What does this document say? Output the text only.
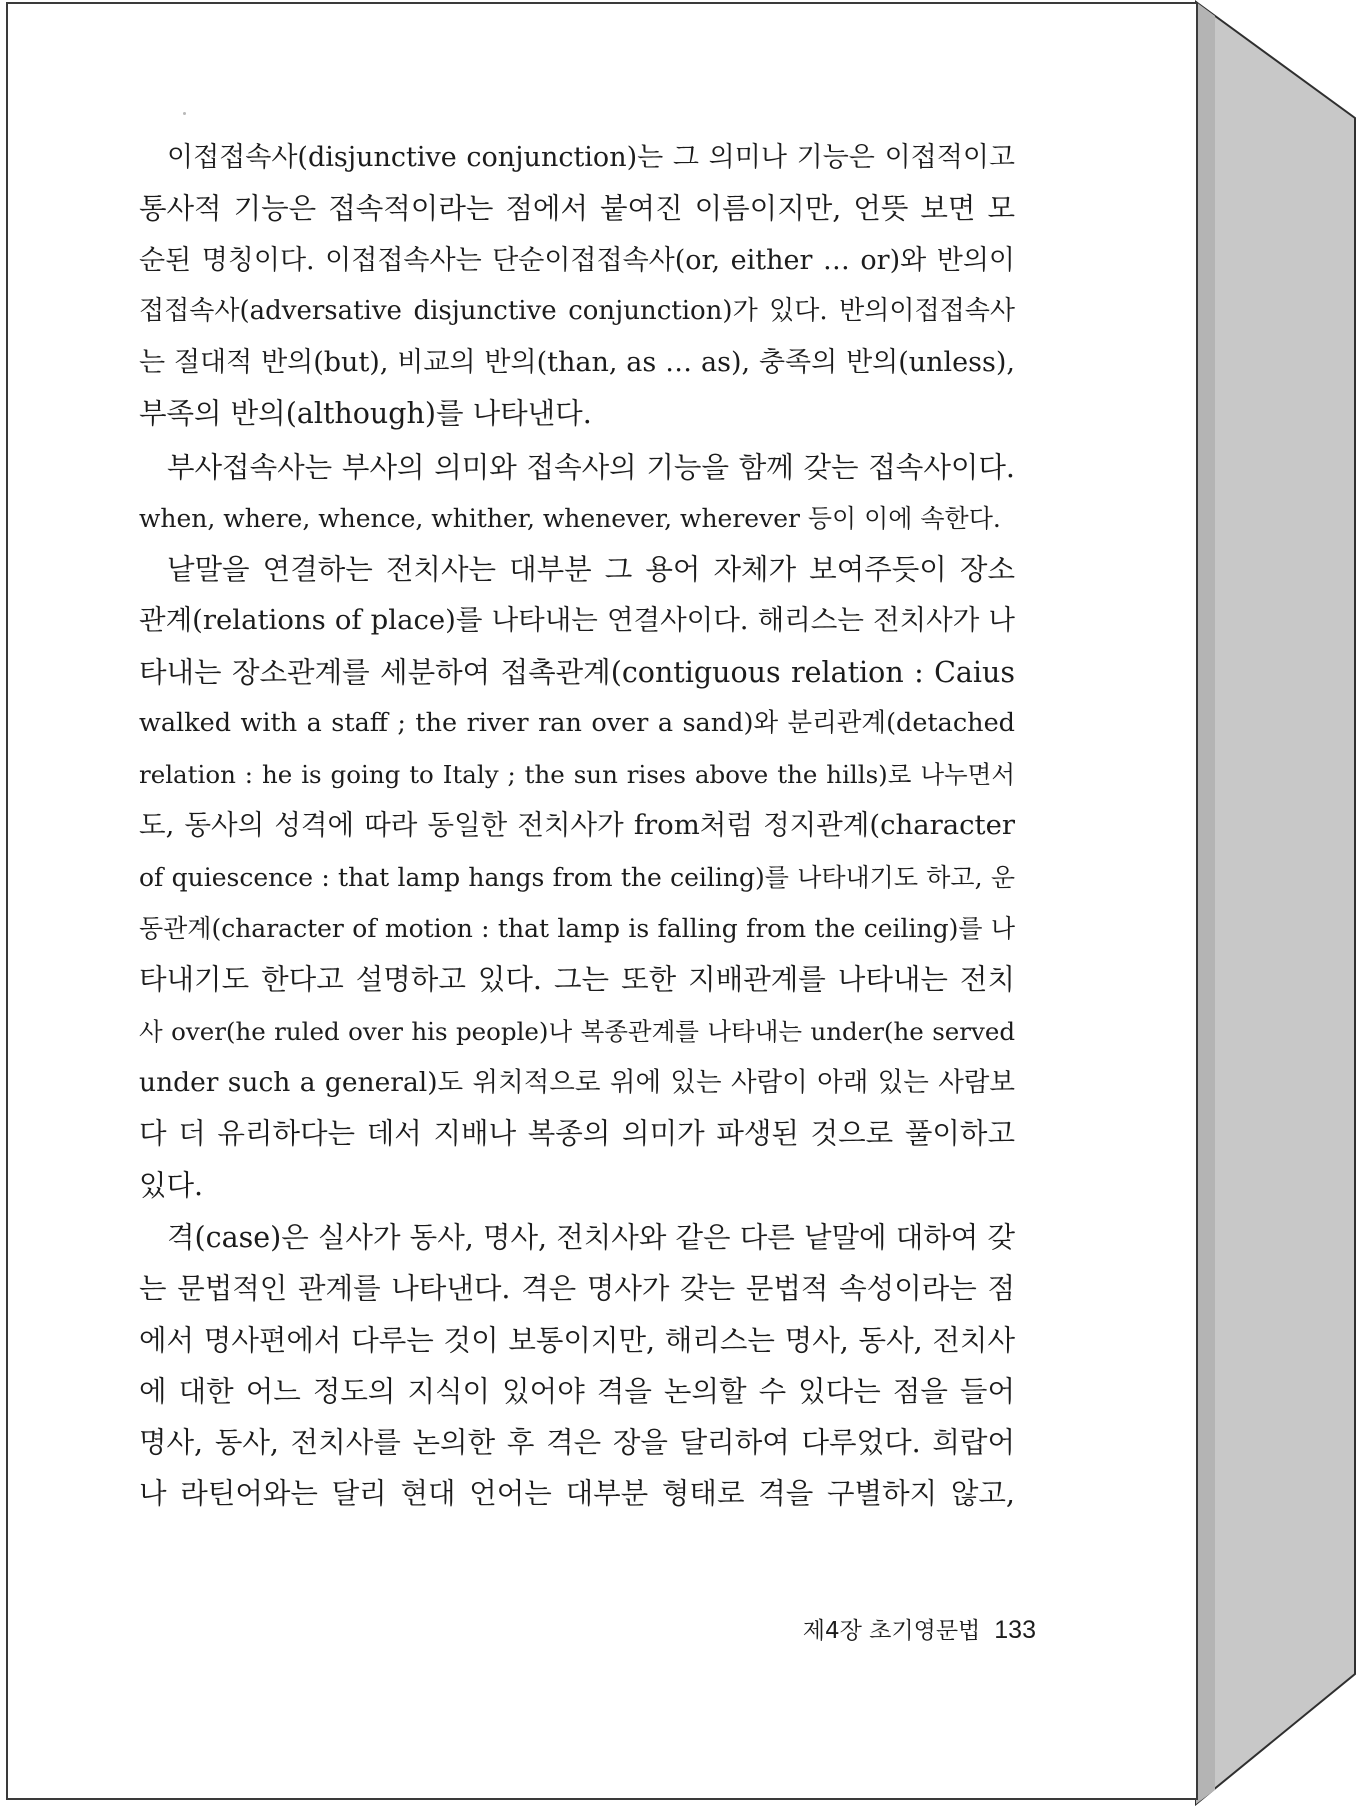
이접접속사(disjunctive conjunction)는 그 의미나 기능은 이접적이고
통사적 기능은 접속적이라는 점에서 붙여진 이름이지만, 언뜻 보면 모
순된 명칭이다. 이접접속사는 단순이접접속사(or, either … or)와 반의이
접접속사(adversative disjunctive conjunction)가 있다. 반의이접접속사
는 절대적 반의(but), 비교의 반의(than, as … as), 충족의 반의(unless),
부족의 반의(although)를 나타낸다.
부사접속사는 부사의 의미와 접속사의 기능을 함께 갖는 접속사이다.
when, where, whence, whither, whenever, wherever 등이 이에 속한다.
낱말을 연결하는 전치사는 대부분 그 용어 자체가 보여주듯이 장소
관계(relations of place)를 나타내는 연결사이다. 해리스는 전치사가 나
타내는 장소관계를 세분하여 접촉관계(contiguous relation : Caius
walked with a staff ; the river ran over a sand)와 분리관계(detached
relation : he is going to Italy ; the sun rises above the hills)로 나누면서
도, 동사의 성격에 따라 동일한 전치사가 from처럼 정지관계(character
of quiescence : that lamp hangs from the ceiling)를 나타내기도 하고, 운
동관계(character of motion : that lamp is falling from the ceiling)를 나
타내기도 한다고 설명하고 있다. 그는 또한 지배관계를 나타내는 전치
사 over(he ruled over his people)나 복종관계를 나타내는 under(he served
under such a general)도 위치적으로 위에 있는 사람이 아래 있는 사람보
다 더 유리하다는 데서 지배나 복종의 의미가 파생된 것으로 풀이하고
있다.
격(case)은 실사가 동사, 명사, 전치사와 같은 다른 낱말에 대하여 갖
는 문법적인 관계를 나타낸다. 격은 명사가 갖는 문법적 속성이라는 점
에서 명사편에서 다루는 것이 보통이지만, 해리스는 명사, 동사, 전치사
에 대한 어느 정도의 지식이 있어야 격을 논의할 수 있다는 점을 들어
명사, 동사, 전치사를 논의한 후 격은 장을 달리하여 다루었다. 희랍어
나 라틴어와는 달리 현대 언어는 대부분 형태로 격을 구별하지 않고,
제4장 초기영문법 133
